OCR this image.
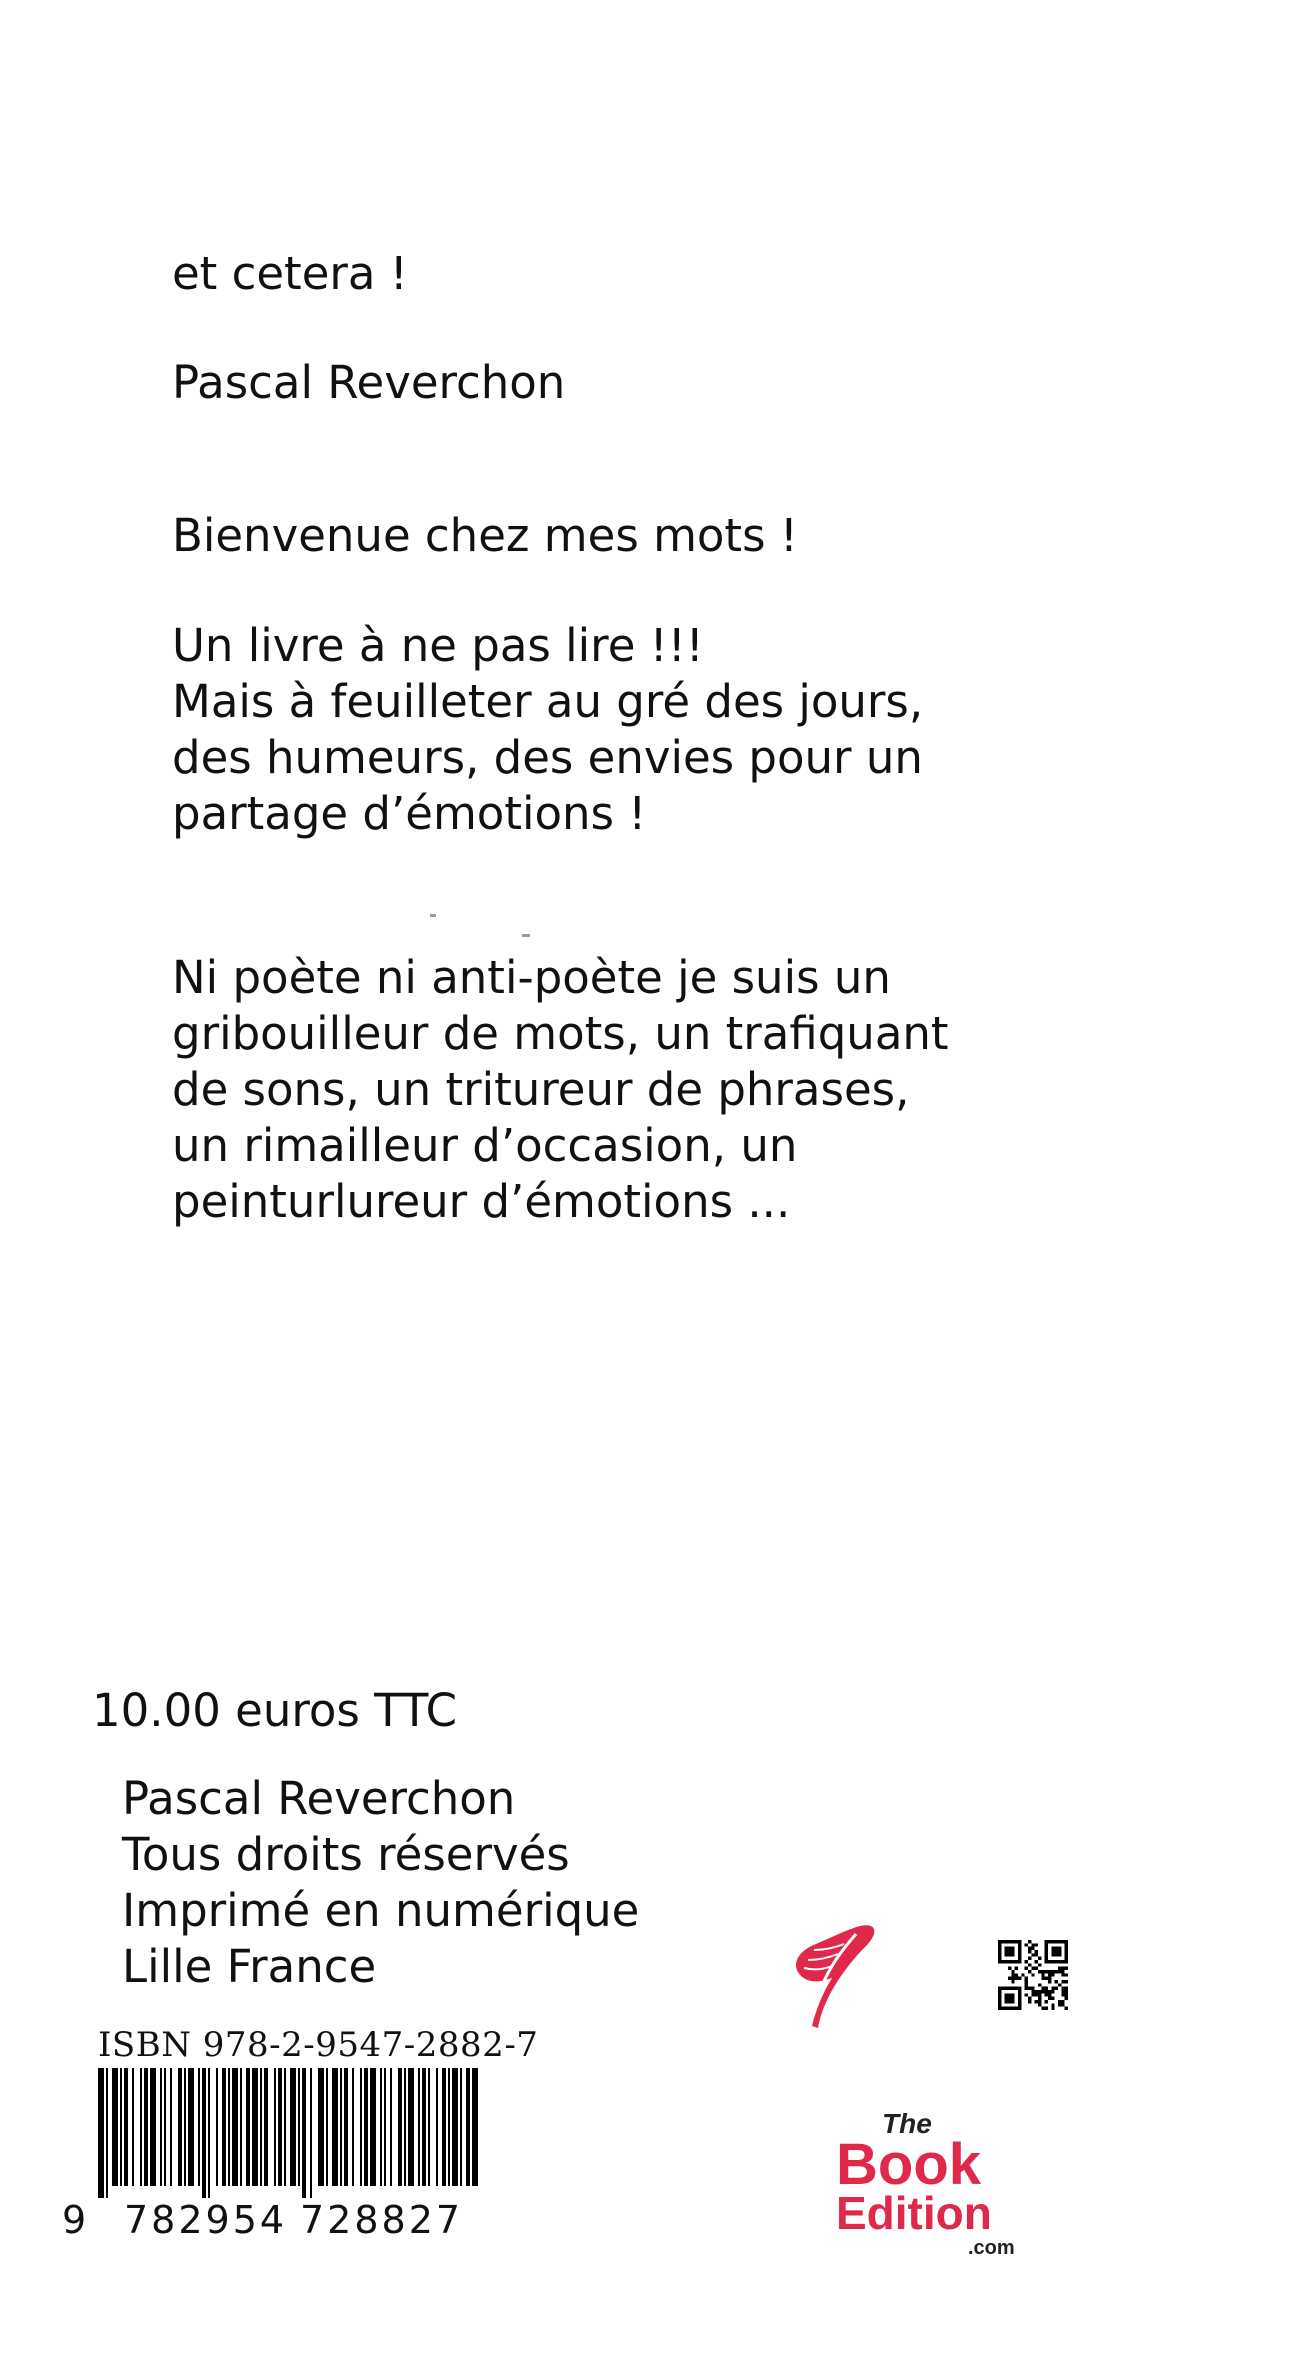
et cetera !
Pascal Reverchon
Bienvenue chez mes mots !

Un livre à ne pas lire !!!

Mais à feuilleter au gré des jours,

des humeurs, des envies pour un

partage d’émotions !

Ni poète ni anti-poète je suis un

gribouilleur de mots, un trafiquant

de sons, un tritureur de phrases,

un rimailleur d’occasion, un

peinturlureur d’émotions ...

10.00 euros TTC

Pascal Reverchon

Tous droits réservés

Imprimé en numérique

Lille France

ISBN 978-2-9547-2882-7
9 782954 728827
The
Book
Edition
.com
